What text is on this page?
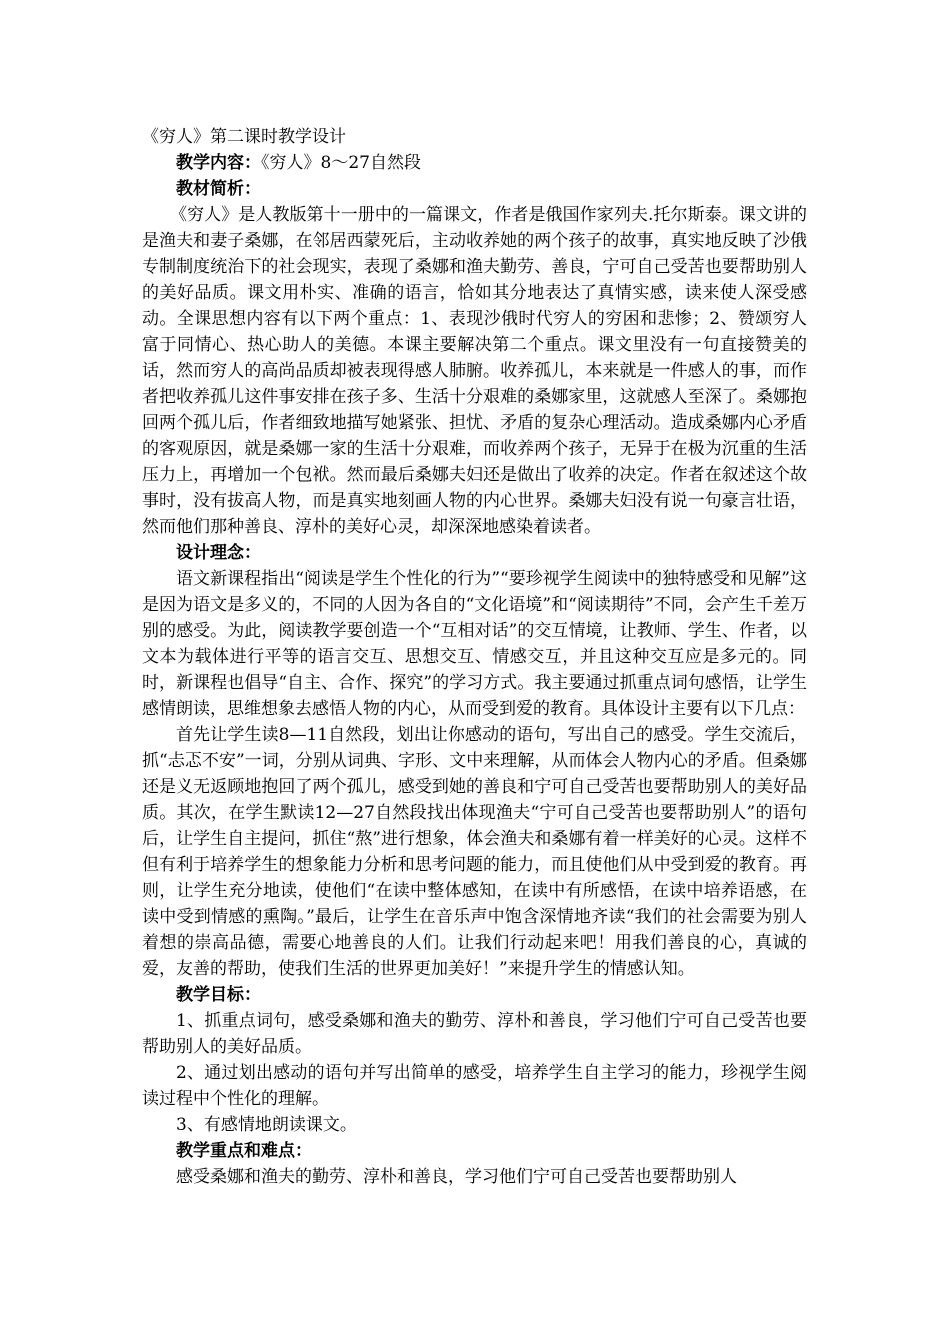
《穷人》第二课时教学设计

教学内容：《穷人》8～27自然段

教材简析：

《穷人》是人教版第十一册中的一篇课文，作者是俄国作家列夫.托尔斯泰。课文讲的是渔夫和妻子桑娜，在邻居西蒙死后，主动收养她的两个孩子的故事，真实地反映了沙俄专制制度统治下的社会现实，表现了桑娜和渔夫勤劳、善良，宁可自己受苦也要帮助别人的美好品质。课文用朴实、准确的语言，恰如其分地表达了真情实感，读来使人深受感动。全课思想内容有以下两个重点：1、表现沙俄时代穷人的穷困和悲惨；2、赞颂穷人富于同情心、热心助人的美德。本课主要解决第二个重点。课文里没有一句直接赞美的话，然而穷人的高尚品质却被表现得感人肺腑。收养孤儿，本来就是一件感人的事，而作者把收养孤儿这件事安排在孩子多、生活十分艰难的桑娜家里，这就感人至深了。桑娜抱回两个孤儿后，作者细致地描写她紧张、担忧、矛盾的复杂心理活动。造成桑娜内心矛盾的客观原因，就是桑娜一家的生活十分艰难，而收养两个孩子，无异于在极为沉重的生活压力上，再增加一个包袱。然而最后桑娜夫妇还是做出了收养的决定。作者在叙述这个故事时，没有拔高人物，而是真实地刻画人物的内心世界。桑娜夫妇没有说一句豪言壮语，然而他们那种善良、淳朴的美好心灵，却深深地感染着读者。

设计理念：

语文新课程指出“阅读是学生个性化的行为”“要珍视学生阅读中的独特感受和见解”这是因为语文是多义的，不同的人因为各自的“文化语境”和“阅读期待”不同，会产生千差万别的感受。为此，阅读教学要创造一个“互相对话”的交互情境，让教师、学生、作者，以文本为载体进行平等的语言交互、思想交互、情感交互，并且这种交互应是多元的。同时，新课程也倡导“自主、合作、探究”的学习方式。我主要通过抓重点词句感悟，让学生感情朗读，思维想象去感悟人物的内心，从而受到爱的教育。具体设计主要有以下几点：

首先让学生读8—11自然段，划出让你感动的语句，写出自己的感受。学生交流后，抓“忐忑不安”一词，分别从词典、字形、文中来理解，从而体会人物内心的矛盾。但桑娜还是义无返顾地抱回了两个孤儿，感受到她的善良和宁可自己受苦也要帮助别人的美好品质。其次，在学生默读12—27自然段找出体现渔夫“宁可自己受苦也要帮助别人”的语句后，让学生自主提问，抓住“熬”进行想象，体会渔夫和桑娜有着一样美好的心灵。这样不但有利于培养学生的想象能力分析和思考问题的能力，而且使他们从中受到爱的教育。再则，让学生充分地读，使他们“在读中整体感知，在读中有所感悟，在读中培养语感，在读中受到情感的熏陶。”最后，让学生在音乐声中饱含深情地齐读“我们的社会需要为别人着想的崇高品德，需要心地善良的人们。让我们行动起来吧！用我们善良的心，真诚的爱，友善的帮助，使我们生活的世界更加美好！”来提升学生的情感认知。

教学目标：

1、抓重点词句，感受桑娜和渔夫的勤劳、淳朴和善良，学习他们宁可自己受苦也要帮助别人的美好品质。

2、通过划出感动的语句并写出简单的感受，培养学生自主学习的能力，珍视学生阅读过程中个性化的理解。

3、有感情地朗读课文。

教学重点和难点：

感受桑娜和渔夫的勤劳、淳朴和善良，学习他们宁可自己受苦也要帮助别人
